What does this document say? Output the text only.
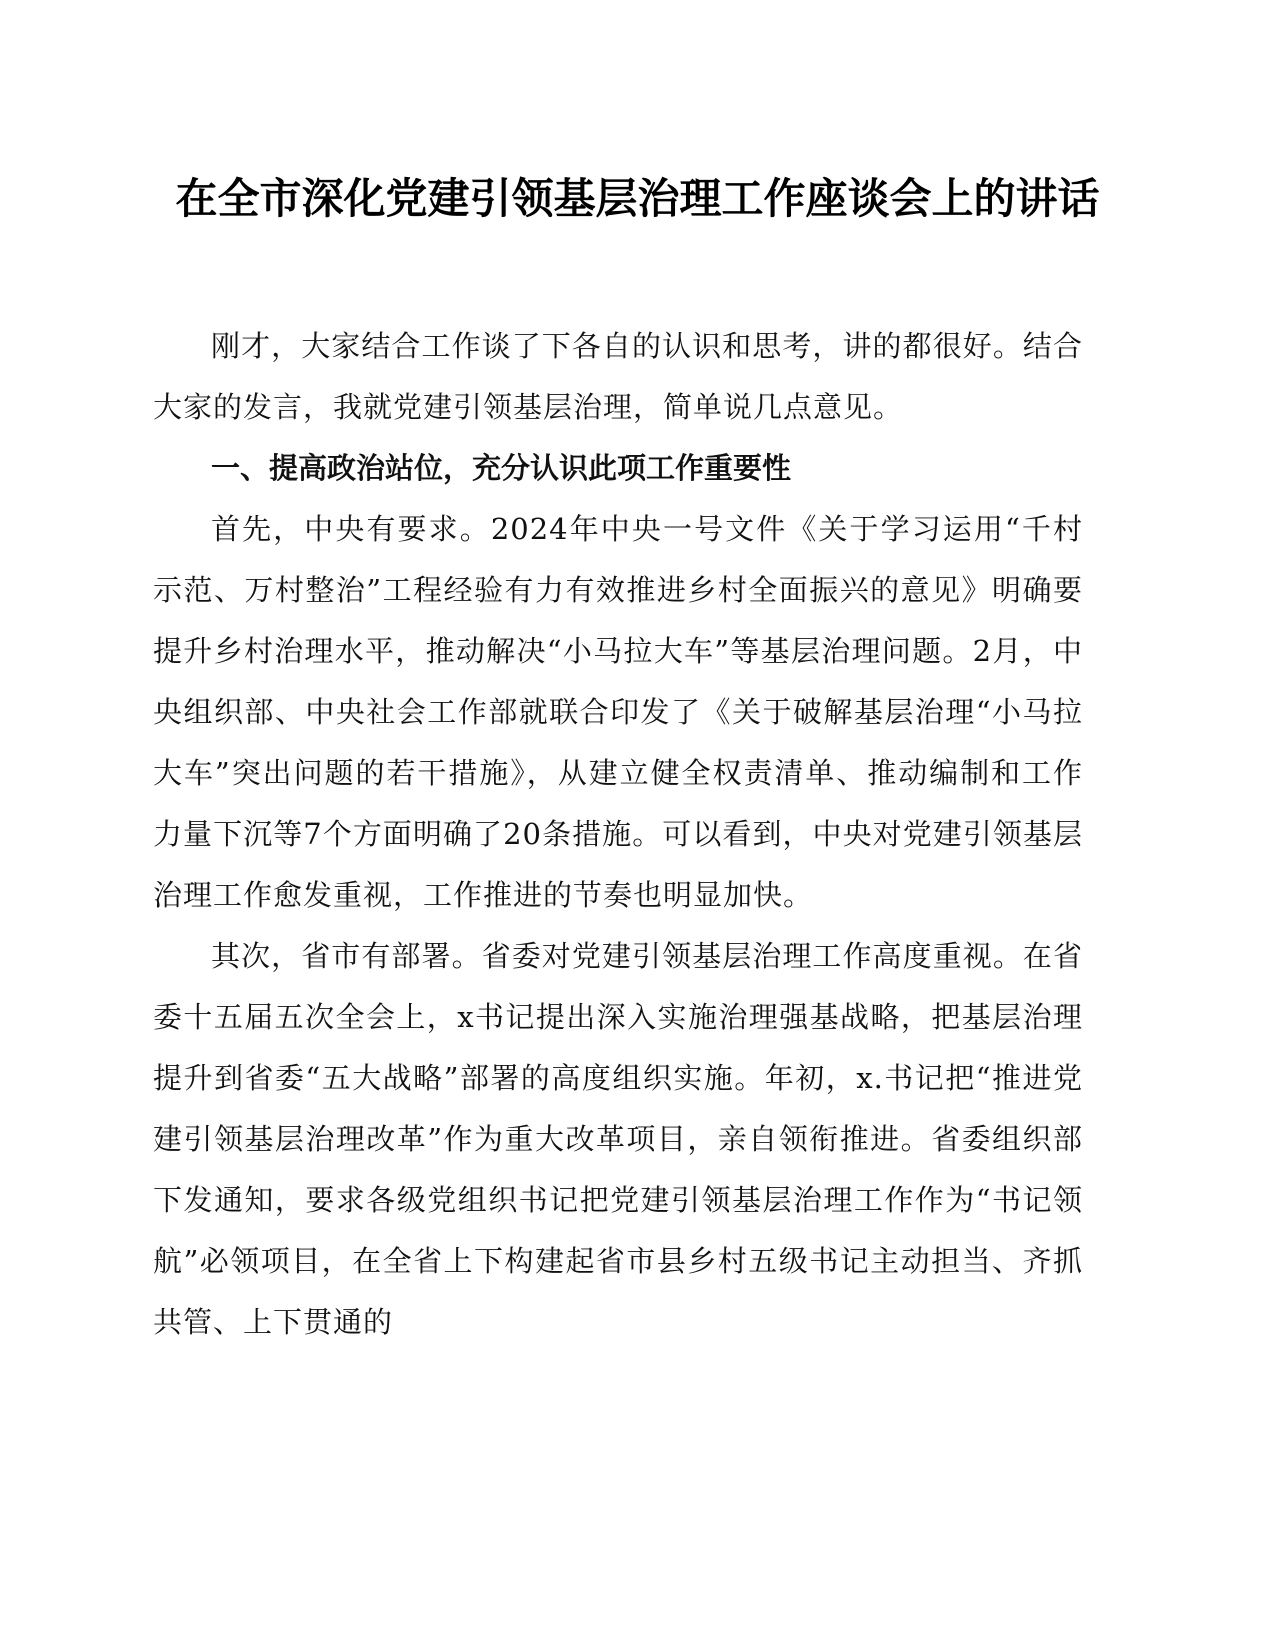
在全市深化党建引领基层治理工作座谈会上的讲话

刚才，大家结合工作谈了下各自的认识和思考，讲的都很好。结合大家的发言，我就党建引领基层治理，简单说几点意见。

一、提高政治站位，充分认识此项工作重要性

首先，中央有要求。2024年中央一号文件《关于学习运用“千村示范、万村整治”工程经验有力有效推进乡村全面振兴的意见》明确要提升乡村治理水平，推动解决“小马拉大车”等基层治理问题。2月，中央组织部、中央社会工作部就联合印发了《关于破解基层治理“小马拉大车”突出问题的若干措施》，从建立健全权责清单、推动编制和工作力量下沉等7个方面明确了20条措施。可以看到，中央对党建引领基层治理工作愈发重视，工作推进的节奏也明显加快。

其次，省市有部署。省委对党建引领基层治理工作高度重视。在省委十五届五次全会上，x书记提出深入实施治理强基战略，把基层治理提升到省委“五大战略”部署的高度组织实施。年初，x.书记把“推进党建引领基层治理改革”作为重大改革项目，亲自领衔推进。省委组织部下发通知，要求各级党组织书记把党建引领基层治理工作作为“书记领航”必领项目，在全省上下构建起省市县乡村五级书记主动担当、齐抓共管、上下贯通的
